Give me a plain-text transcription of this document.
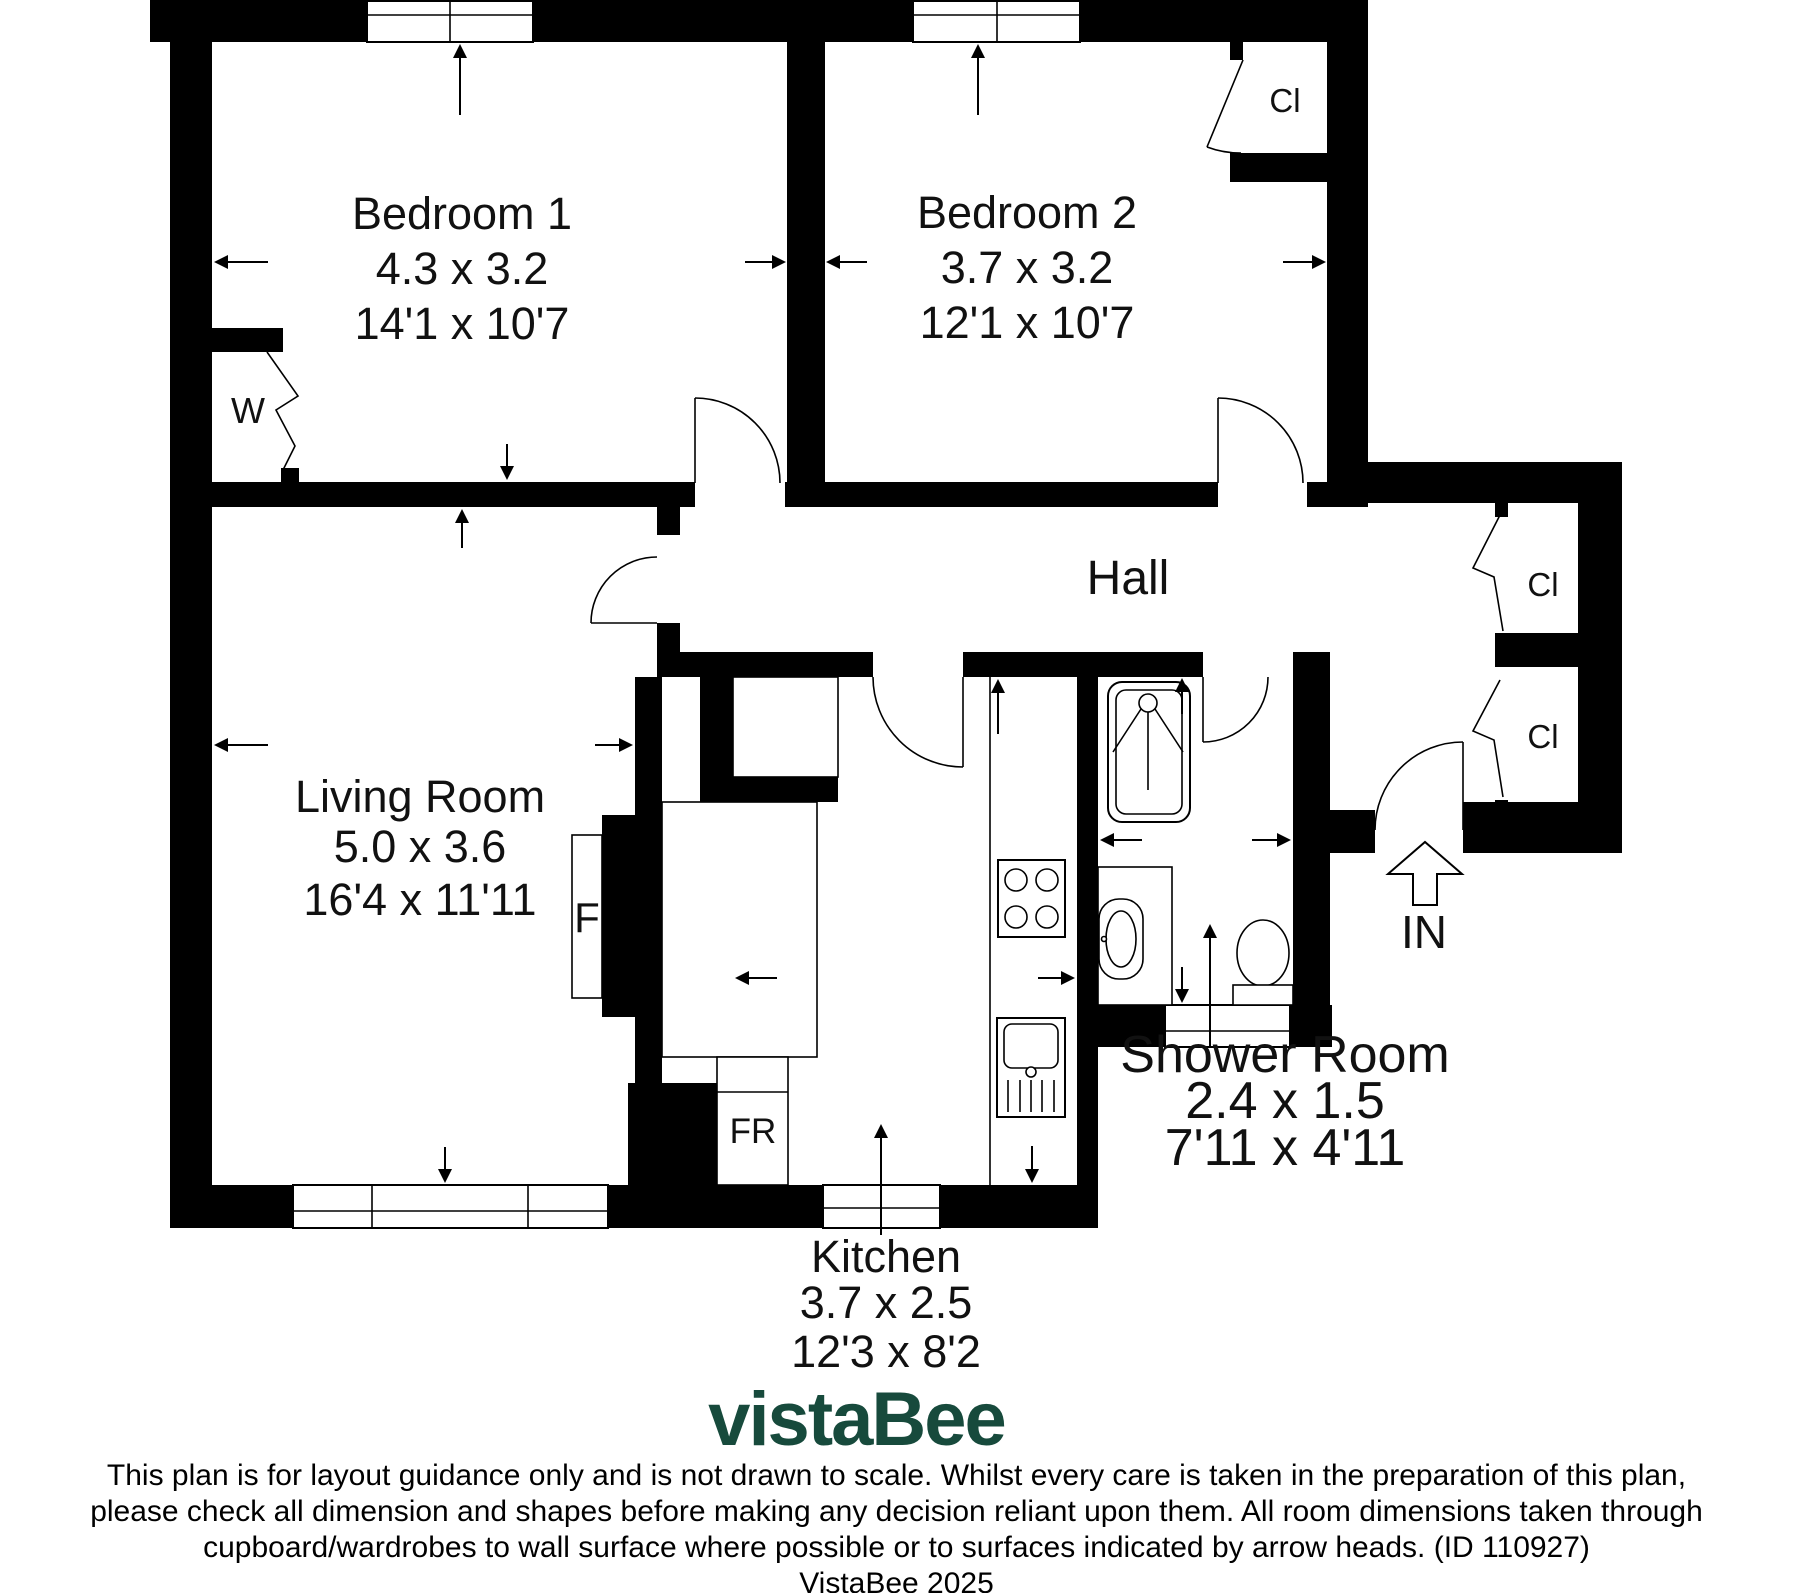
Bedroom 1
4.3 x 3.2
14'1 x 10'7
Bedroom 2
3.7 x 3.2
12'1 x 10'7
Living Room
5.0 x 3.6
16'4 x 11'11
Kitchen
3.7 x 2.5
12'3 x 8'2
Shower Room
2.4 x 1.5
7'11 x 4'11
Hall
W
Cl
Cl
Cl
F
FR
IN
vistaBee
This plan is for layout guidance only and is not drawn to scale. Whilst every care is taken in the preparation of this plan,
please check all dimension and shapes before making any decision reliant upon them. All room dimensions taken through
cupboard/wardrobes to wall surface where possible or to surfaces indicated by arrow heads. (ID 110927)
VistaBee 2025
